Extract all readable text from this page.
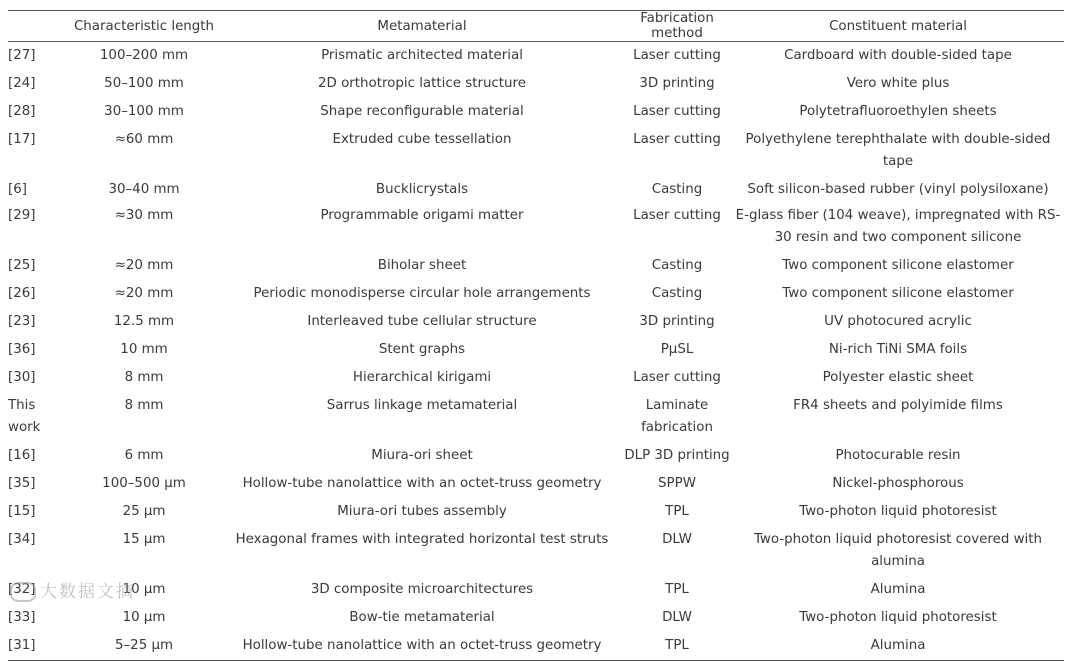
	Characteristic length	Metamaterial	Fabrication method	Constituent material
[27]	100–200 mm	Prismatic architected material	Laser cutting	Cardboard with double-sided tape
[24]	50–100 mm	2D orthotropic lattice structure	3D printing	Vero white plus
[28]	30–100 mm	Shape reconfigurable material	Laser cutting	Polytetrafluoroethylen sheets
[17]	≈60 mm	Extruded cube tessellation	Laser cutting	Polyethylene terephthalate with double-sided tape
[6]	30–40 mm	Bucklicrystals	Casting	Soft silicon-based rubber (vinyl polysiloxane)
[29]	≈30 mm	Programmable origami matter	Laser cutting	E-glass fiber (104 weave), impregnated with RS-30 resin and two component silicone
[25]	≈20 mm	Biholar sheet	Casting	Two component silicone elastomer
[26]	≈20 mm	Periodic monodisperse circular hole arrangements	Casting	Two component silicone elastomer
[23]	12.5 mm	Interleaved tube cellular structure	3D printing	UV photocured acrylic
[36]	10 mm	Stent graphs	PμSL	Ni-rich TiNi SMA foils
[30]	8 mm	Hierarchical kirigami	Laser cutting	Polyester elastic sheet
This work	8 mm	Sarrus linkage metamaterial	Laminate fabrication	FR4 sheets and polyimide films
[16]	6 mm	Miura-ori sheet	DLP 3D printing	Photocurable resin
[35]	100–500 μm	Hollow-tube nanolattice with an octet-truss geometry	SPPW	Nickel-phosphorous
[15]	25 μm	Miura-ori tubes assembly	TPL	Two-photon liquid photoresist
[34]	15 μm	Hexagonal frames with integrated horizontal test struts	DLW	Two-photon liquid photoresist covered with alumina
[32]	10 μm	3D composite microarchitectures	TPL	Alumina
[33]	10 μm	Bow-tie metamaterial	DLW	Two-photon liquid photoresist
[31]	5–25 μm	Hollow-tube nanolattice with an octet-truss geometry	TPL	Alumina
大数据文摘
